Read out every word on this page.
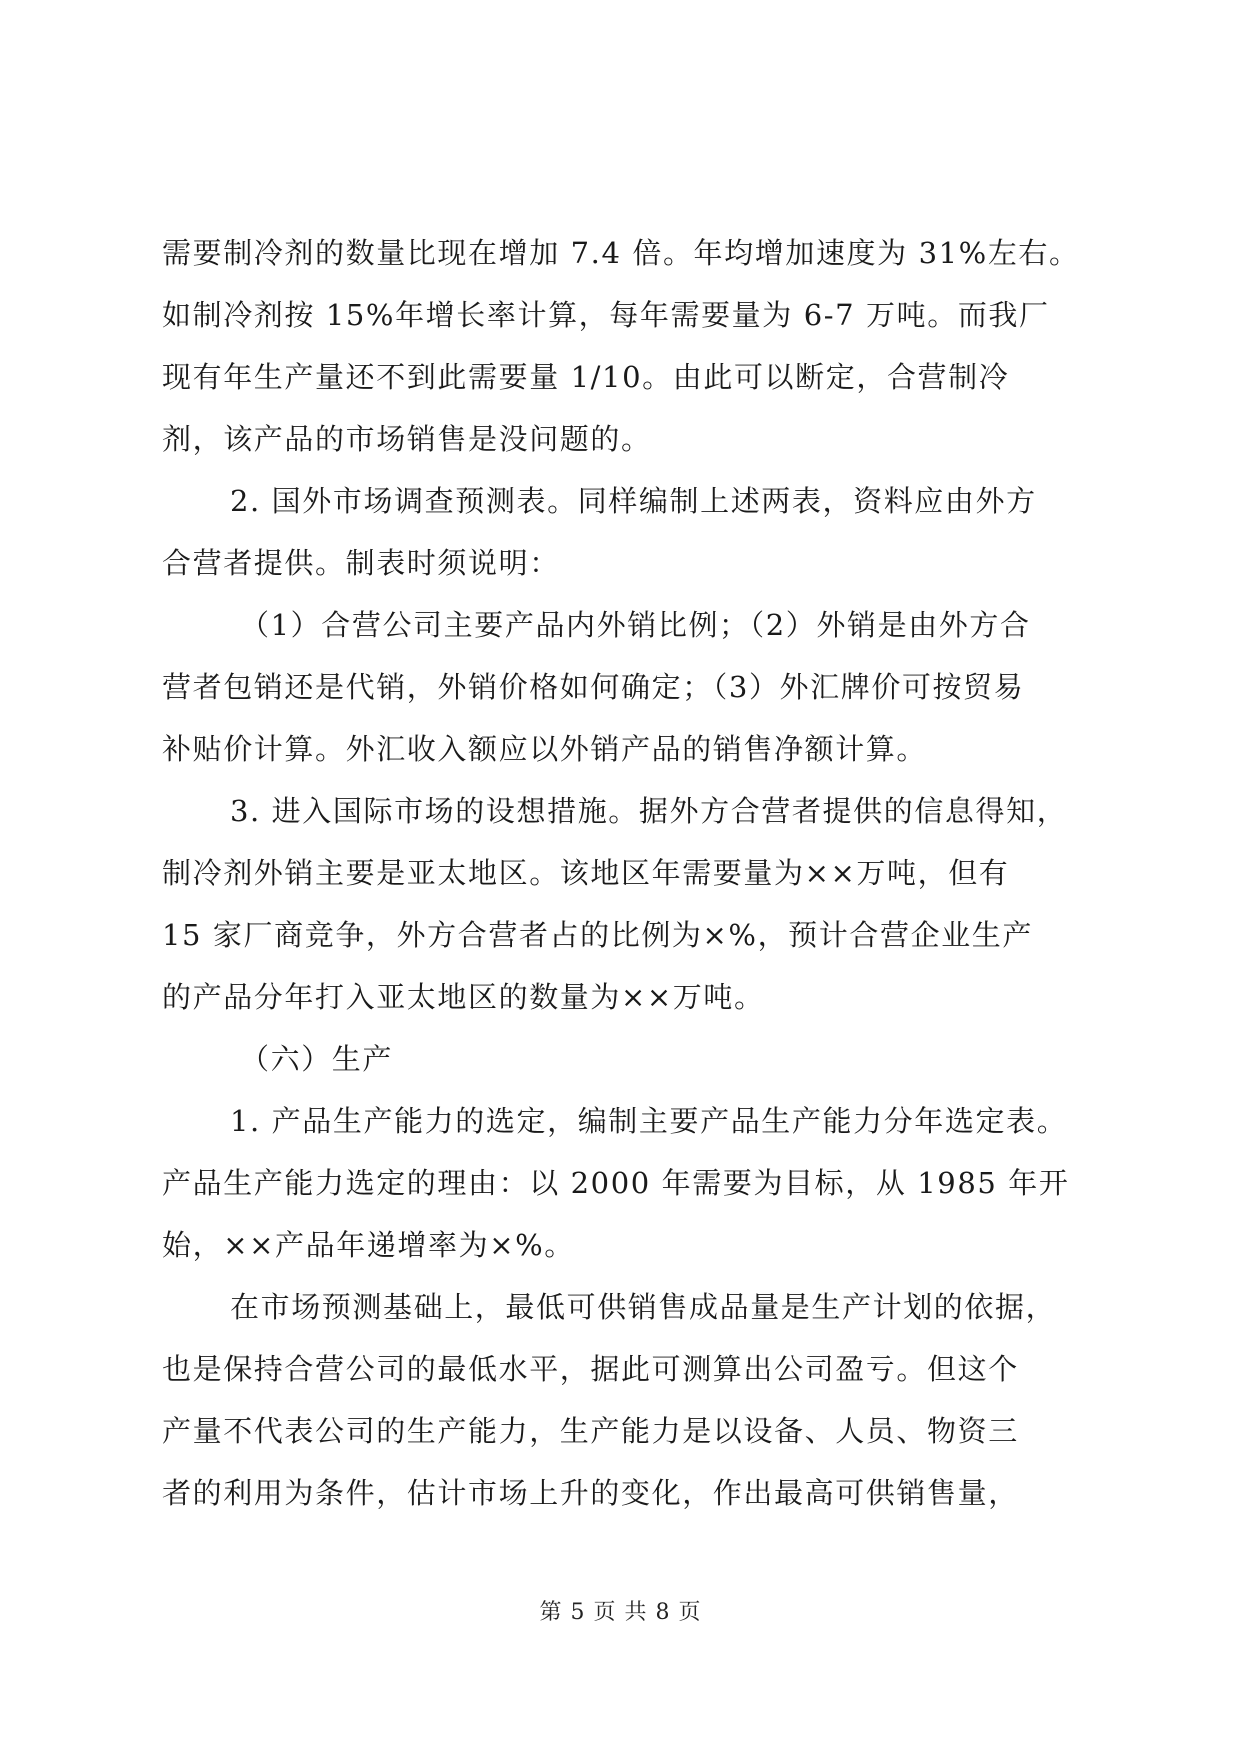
需要制冷剂的数量比现在增加 7.4 倍。年均增加速度为 31%左右。
如制冷剂按 15%年增长率计算，每年需要量为 6-7 万吨。而我厂
现有年生产量还不到此需要量 1/10。由此可以断定，合营制冷
剂，该产品的市场销售是没问题的。
2. 国外市场调查预测表。同样编制上述两表，资料应由外方
合营者提供。制表时须说明：
（1）合营公司主要产品内外销比例；（2）外销是由外方合
营者包销还是代销，外销价格如何确定；（3）外汇牌价可按贸易
补贴价计算。外汇收入额应以外销产品的销售净额计算。
3. 进入国际市场的设想措施。据外方合营者提供的信息得知，
制冷剂外销主要是亚太地区。该地区年需要量为××万吨，但有
15 家厂商竞争，外方合营者占的比例为×%，预计合营企业生产
的产品分年打入亚太地区的数量为××万吨。
（六）生产
1. 产品生产能力的选定，编制主要产品生产能力分年选定表。
产品生产能力选定的理由：以 2000 年需要为目标，从 1985 年开
始，××产品年递增率为×%。
在市场预测基础上，最低可供销售成品量是生产计划的依据，
也是保持合营公司的最低水平，据此可测算出公司盈亏。但这个
产量不代表公司的生产能力，生产能力是以设备、人员、物资三
者的利用为条件，估计市场上升的变化，作出最高可供销售量，
第 5 页 共 8 页
